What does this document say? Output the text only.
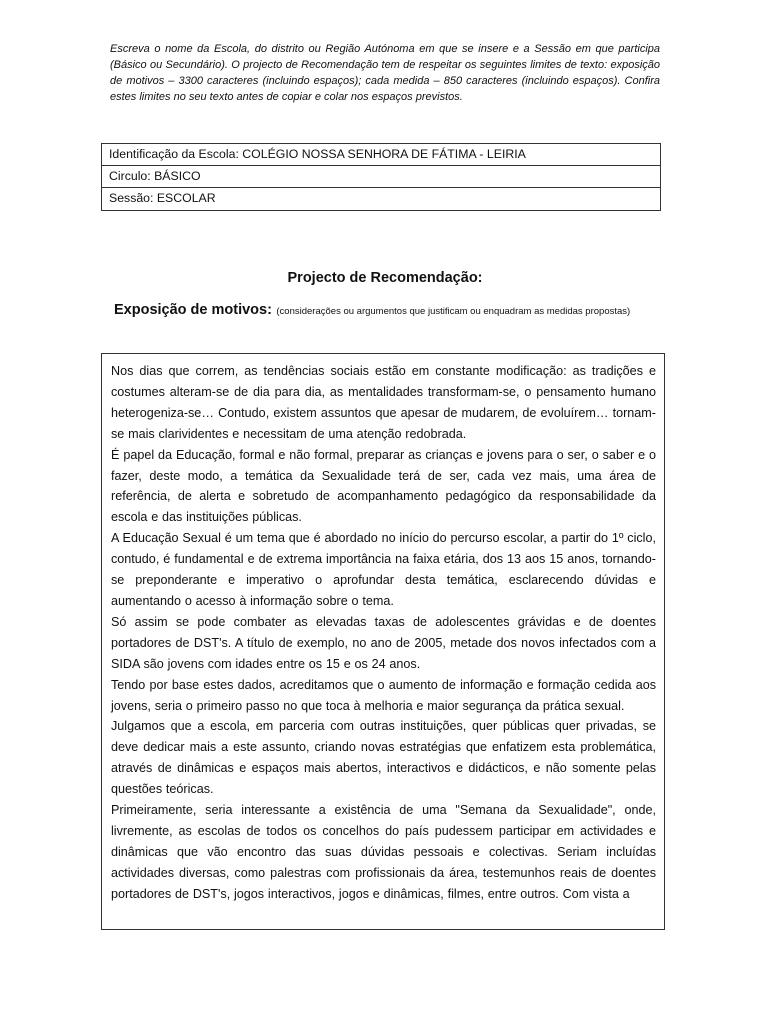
Escreva o nome da Escola, do distrito ou Região Autónoma em que se insere e a Sessão em que participa (Básico ou Secundário). O projecto de Recomendação tem de respeitar os seguintes limites de texto: exposição de motivos – 3300 caracteres (incluindo espaços); cada medida – 850 caracteres (incluindo espaços). Confira estes limites no seu texto antes de copiar e colar nos espaços previstos.
Identificação da Escola: COLÉGIO NOSSA SENHORA DE FÁTIMA - LEIRIA
Circulo: BÁSICO
Sessão: ESCOLAR
Projecto de Recomendação:
Exposição de motivos: (considerações ou argumentos que justificam ou enquadram as medidas propostas)

Nos dias que correm, as tendências sociais estão em constante modificação: as tradições e costumes alteram-se de dia para dia, as mentalidades transformam-se, o pensamento humano heterogeniza-se… Contudo, existem assuntos que apesar de mudarem, de evoluírem… tornam-se mais clarividentes e necessitam de uma atenção redobrada.

É papel da Educação, formal e não formal, preparar as crianças e jovens para o ser, o saber e o fazer, deste modo, a temática da Sexualidade terá de ser, cada vez mais, uma área de referência, de alerta e sobretudo de acompanhamento pedagógico da responsabilidade da escola e das instituições públicas.

A Educação Sexual é um tema que é abordado no início do percurso escolar, a partir do 1º ciclo, contudo, é fundamental e de extrema importância na faixa etária, dos 13 aos 15 anos, tornando-se preponderante e imperativo o aprofundar desta temática, esclarecendo dúvidas e aumentando o acesso à informação sobre o tema.

Só assim se pode combater as elevadas taxas de adolescentes grávidas e de doentes portadores de DST's. A título de exemplo, no ano de 2005, metade dos novos infectados com a SIDA são jovens com idades entre os 15 e os 24 anos.

Tendo por base estes dados, acreditamos que o aumento de informação e formação cedida aos jovens, seria o primeiro passo no que toca à melhoria e maior segurança da prática sexual.

Julgamos que a escola, em parceria com outras instituições, quer públicas quer privadas, se deve dedicar mais a este assunto, criando novas estratégias que enfatizem esta problemática, através de dinâmicas e espaços mais abertos, interactivos e didácticos, e não somente pelas questões teóricas.

Primeiramente, seria interessante a existência de uma "Semana da Sexualidade", onde, livremente, as escolas de todos os concelhos do país pudessem participar em actividades e dinâmicas que vão encontro das suas dúvidas pessoais e colectivas. Seriam incluídas actividades diversas, como palestras com profissionais da área, testemunhos reais de doentes portadores de DST's, jogos interactivos, jogos e dinâmicas, filmes, entre outros. Com vista a
